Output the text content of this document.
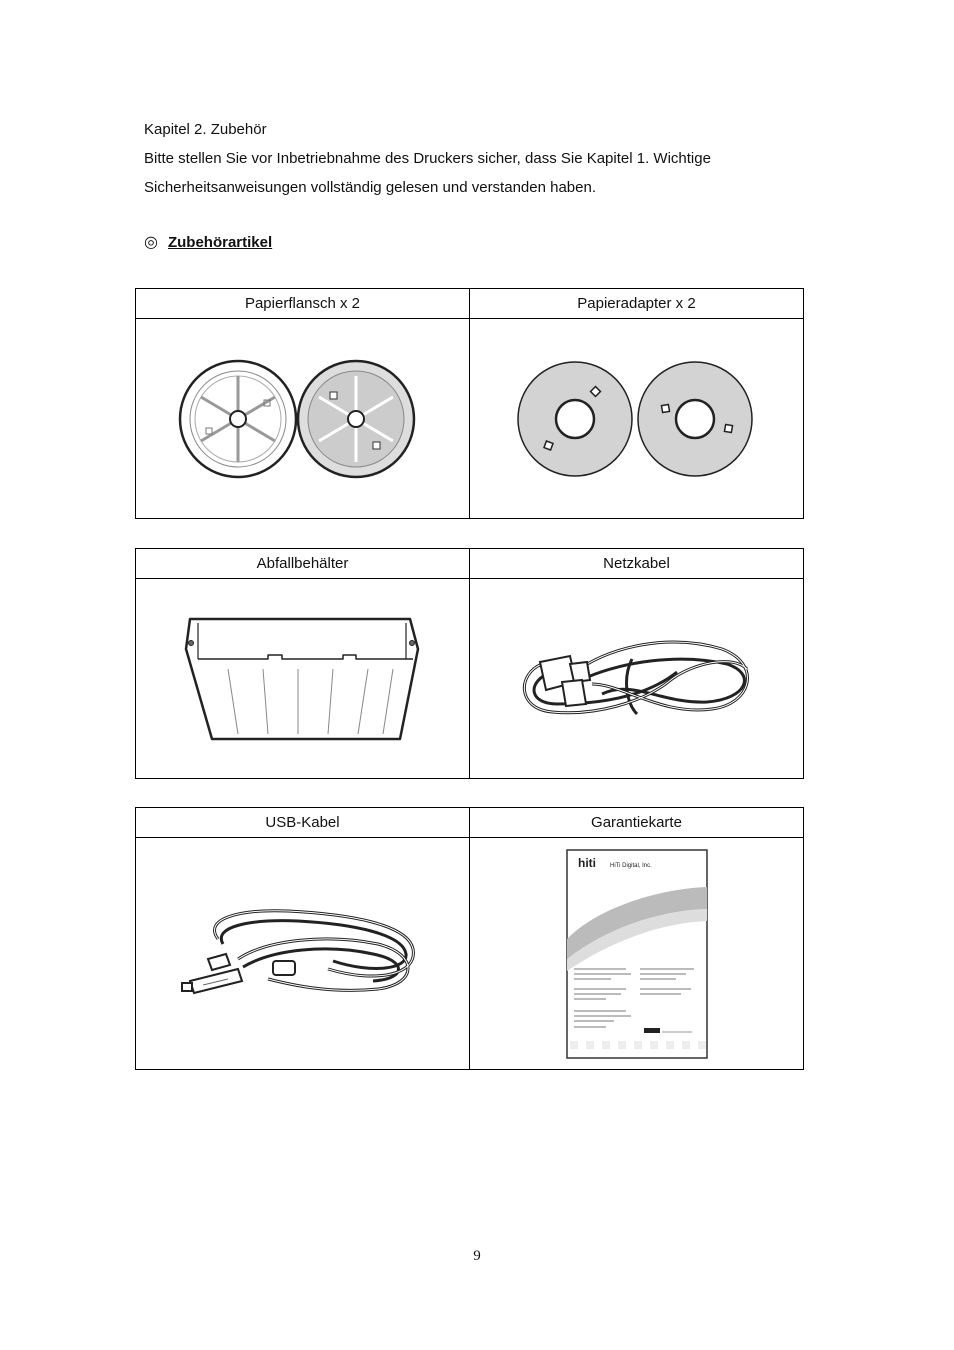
Kapitel 2. Zubehör

Bitte stellen Sie vor Inbetriebnahme des Druckers sicher, dass Sie Kapitel 1. Wichtige

Sicherheitsanweisungen vollständig gelesen und verstanden haben.

◎ Zubehörartikel
Papierflansch x 2	Papieradapter x 2

Abfallbehälter	Netzkabel

USB-Kabel	Garantiekarte

hiti HiTi Digital, Inc.
9
